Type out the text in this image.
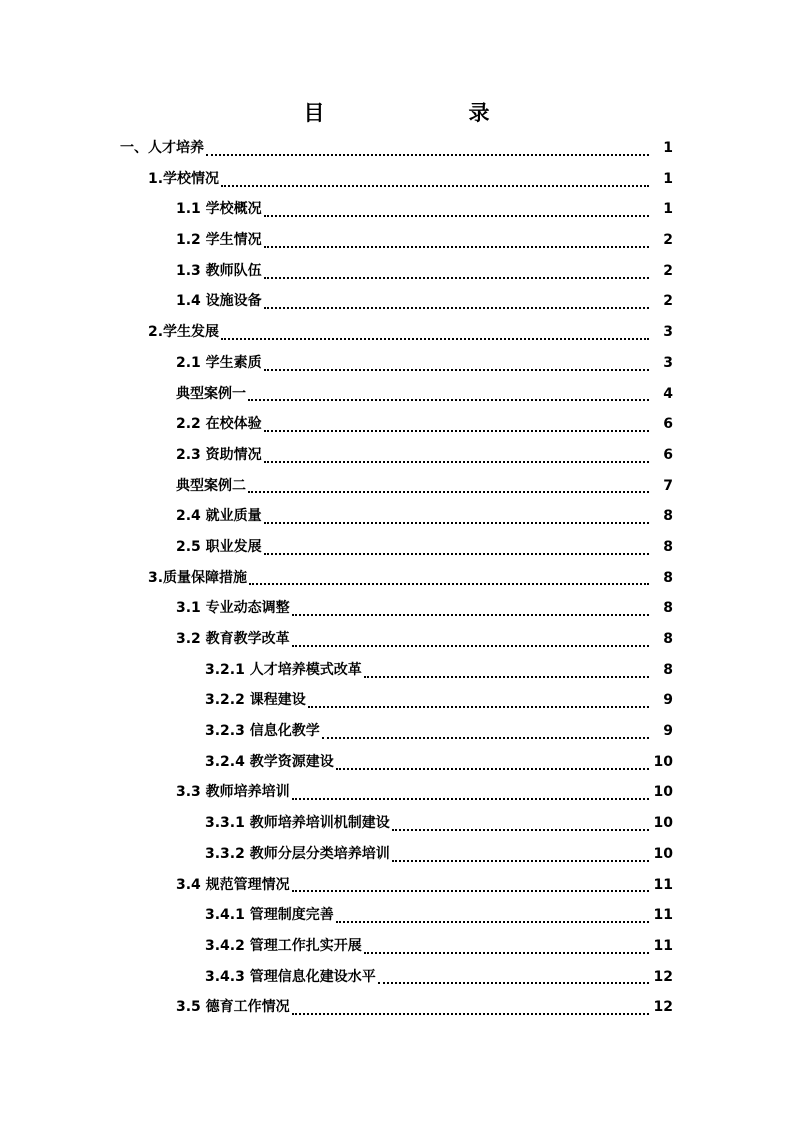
目　　录
一、人才培养	1
1.学校情况	1
1.1 学校概况	1
1.2 学生情况	2
1.3 教师队伍	2
1.4 设施设备	2
2.学生发展	3
2.1 学生素质	3
典型案例一	4
2.2 在校体验	6
2.3 资助情况	6
典型案例二	7
2.4 就业质量	8
2.5 职业发展	8
3.质量保障措施	8
3.1 专业动态调整	8
3.2 教育教学改革	8
3.2.1 人才培养模式改革	8
3.2.2 课程建设	9
3.2.3 信息化教学	9
3.2.4 教学资源建设	10
3.3 教师培养培训	10
3.3.1 教师培养培训机制建设	10
3.3.2 教师分层分类培养培训	10
3.4 规范管理情况	11
3.4.1 管理制度完善	11
3.4.2 管理工作扎实开展	11
3.4.3 管理信息化建设水平	12
3.5 德育工作情况	12
